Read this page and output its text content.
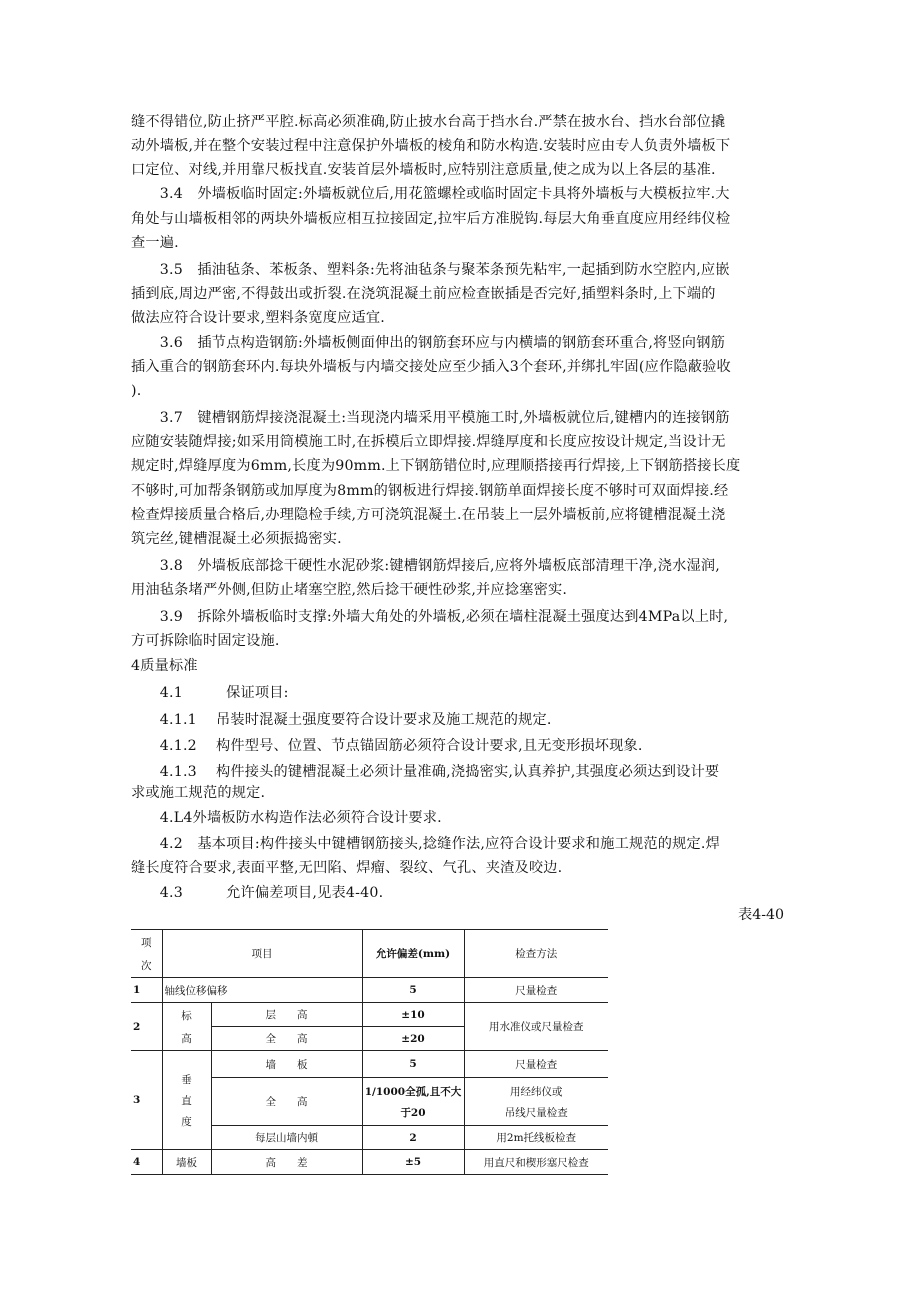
缝不得错位,防止挤严平腔.标高必须准确,防止披水台高于挡水台.严禁在披水台、挡水台部位撬
动外墙板,并在整个安装过程中注意保护外墙板的棱角和防水构造.安装时应由专人负责外墙板下
口定位、对线,并用靠尺板找直.安装首层外墙板时,应特别注意质量,使之成为以上各层的基准.
　　3.4　外墙板临时固定:外墙板就位后,用花篮螺栓或临时固定卡具将外墙板与大模板拉牢.大
角处与山墙板相邻的两块外墙板应相互拉接固定,拉牢后方准脱钩.每层大角垂直度应用经纬仪检
查一遍.
　　3.5　插油毡条、苯板条、塑料条:先将油毡条与聚苯条预先粘牢,一起插到防水空腔内,应嵌
插到底,周边严密,不得鼓出或折裂.在浇筑混凝土前应检查嵌插是否完好,插塑料条时,上下端的
做法应符合设计要求,塑料条宽度应适宜.
　　3.6　插节点构造钢筋:外墙板侧面伸出的钢筋套环应与内横墙的钢筋套环重合,将竖向钢筋
插入重合的钢筋套环内.每块外墙板与内墙交接处应至少插入3个套环,并绑扎牢固(应作隐蔽验收
).
　　3.7　键槽钢筋焊接浇混凝土:当现浇内墙采用平模施工时,外墙板就位后,键槽内的连接钢筋
应随安装随焊接;如采用筒模施工时,在拆模后立即焊接.焊缝厚度和长度应按设计规定,当设计无
规定时,焊缝厚度为6mm,长度为90mm.上下钢筋错位时,应理顺搭接再行焊接,上下钢筋搭接长度
不够时,可加帮条钢筋或加厚度为8mm的钢板进行焊接.钢筋单面焊接长度不够时可双面焊接.经
检查焊接质量合格后,办理隐检手续,方可浇筑混凝土.在吊装上一层外墙板前,应将键槽混凝土浇
筑完丝,键槽混凝土必须振捣密实.
　　3.8　外墙板底部捻干硬性水泥砂浆:键槽钢筋焊接后,应将外墙板底部清理干净,浇水湿润,
用油毡条堵严外侧,但防止堵塞空腔,然后捻干硬性砂浆,并应捻塞密实.
　　3.9　拆除外墙板临时支撑:外墙大角处的外墙板,必须在墙柱混凝土强度达到4MPa以上时,
方可拆除临时固定设施.
4质量标准
　　4.1　　　保证项目:
　　4.1.1　 吊装时混凝土强度要符合设计要求及施工规范的规定.
　　4.1.2　 构件型号、位置、节点锚固筋必须符合设计要求,且无变形损坏现象.
　　4.1.3　 构件接头的键槽混凝土必须计量准确,浇捣密实,认真养护,其强度必须达到设计要
求或施工规范的规定.
　　4.L4外墙板防水构造作法必须符合设计要求.
　　4.2　基本项目:构件接头中键槽钢筋接头,捻缝作法,应符合设计要求和施工规范的规定.焊
缝长度符合要求,表面平整,无凹陷、焊瘤、裂纹、气孔、夹渣及咬边.
　　4.3　　　允许偏差项目,见表4-40.
表4-40
项
次	项目		允许偏差(mm)	检查方法
1	轴线位移偏移		5	尺量检查
2	标
高	层　　高	±10	用水准仪或尺量检查
		全　　高	±20	
3	垂
直
度	墙　　板	5	尺量检查
		全　　高	1/1000全孤,且不大
于20	用经纬仪或
吊线尺量检查

		每层山墙内頓	2	用2m托线板检查
4	墙板	高　　差	±5	用直尺和楔形塞尺检查
